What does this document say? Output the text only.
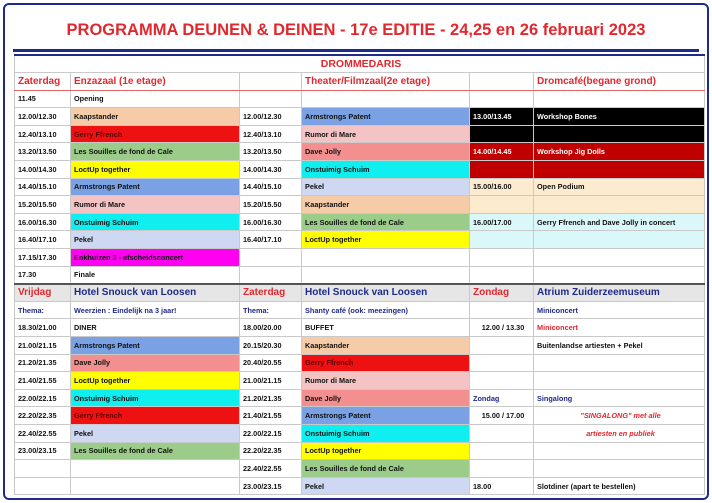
PROGRAMMA DEUNEN & DEINEN - 17e EDITIE - 24,25 en 26 februari 2023
DROMMEDARIS					
Zaterdag	Enzazaal (1e etage)		Theater/Filmzaal(2e etage)		Dromcafé(begane grond)
11.45	Opening				
12.00/12.30	Kaapstander	12.00/12.30	Armstrongs Patent	13.00/13.45	Workshop Bones
12.40/13.10	Gerry Ffrench	12.40/13.10	Rumor di Mare		
13.20/13.50	Les Souilles de fond de Cale	13.20/13.50	Dave Jolly	14.00/14.45	Workshop Jig Dolls
14.00/14.30	LoctUp together	14.00/14.30	Onstuimig Schuim		
14.40/15.10	Armstrongs Patent	14.40/15.10	Pekel	15.00/16.00	Open Podium
15.20/15.50	Rumor di Mare	15.20/15.50	Kaapstander		
16.00/16.30	Onstuimig Schuim	16.00/16.30	Les Souilles de fond de Cale	16.00/17.00	Gerry Ffrench and Dave Jolly in concert
16.40/17.10	Pekel	16.40/17.10	LoctUp together		
17.15/17.30	Enkhuizen 3 - afscheidsconcert				
17.30	Finale				
Vrijdag	Hotel Snouck van Loosen	Zaterdag	Hotel Snouck van Loosen	Zondag	Atrium Zuiderzeemuseum
Thema:	Weerzien : Eindelijk na 3 jaar!	Thema:	Shanty café (ook: meezingen)		Miniconcert
18.30/21.00	DINER	18.00/20.00	BUFFET	12.00 / 13.30	Miniconcert
21.00/21.15	Armstrongs Patent	20.15/20.30	Kaapstander		Buitenlandse artiesten + Pekel
21.20/21.35	Dave Jolly	20.40/20.55	Gerry Ffrench		
21.40/21.55	LoctUp together	21.00/21.15	Rumor di Mare		
22.00/22.15	Onstuimig Schuim	21.20/21.35	Dave Jolly	Zondag	Singalong
22.20/22.35	Gerry Ffrench	21.40/21.55	Armstrongs Patent	15.00 / 17.00	"SINGALONG" met alle
22.40/22.55	Pekel	22.00/22.15	Onstuimig Schuim		artiesten en publiek
23.00/23.15	Les Souilles de fond de Cale	22.20/22.35	LoctUp together		
		22.40/22.55	Les Souilles de fond de Cale		
		23.00/23.15	Pekel	18.00	Slotdiner (apart te bestellen)
